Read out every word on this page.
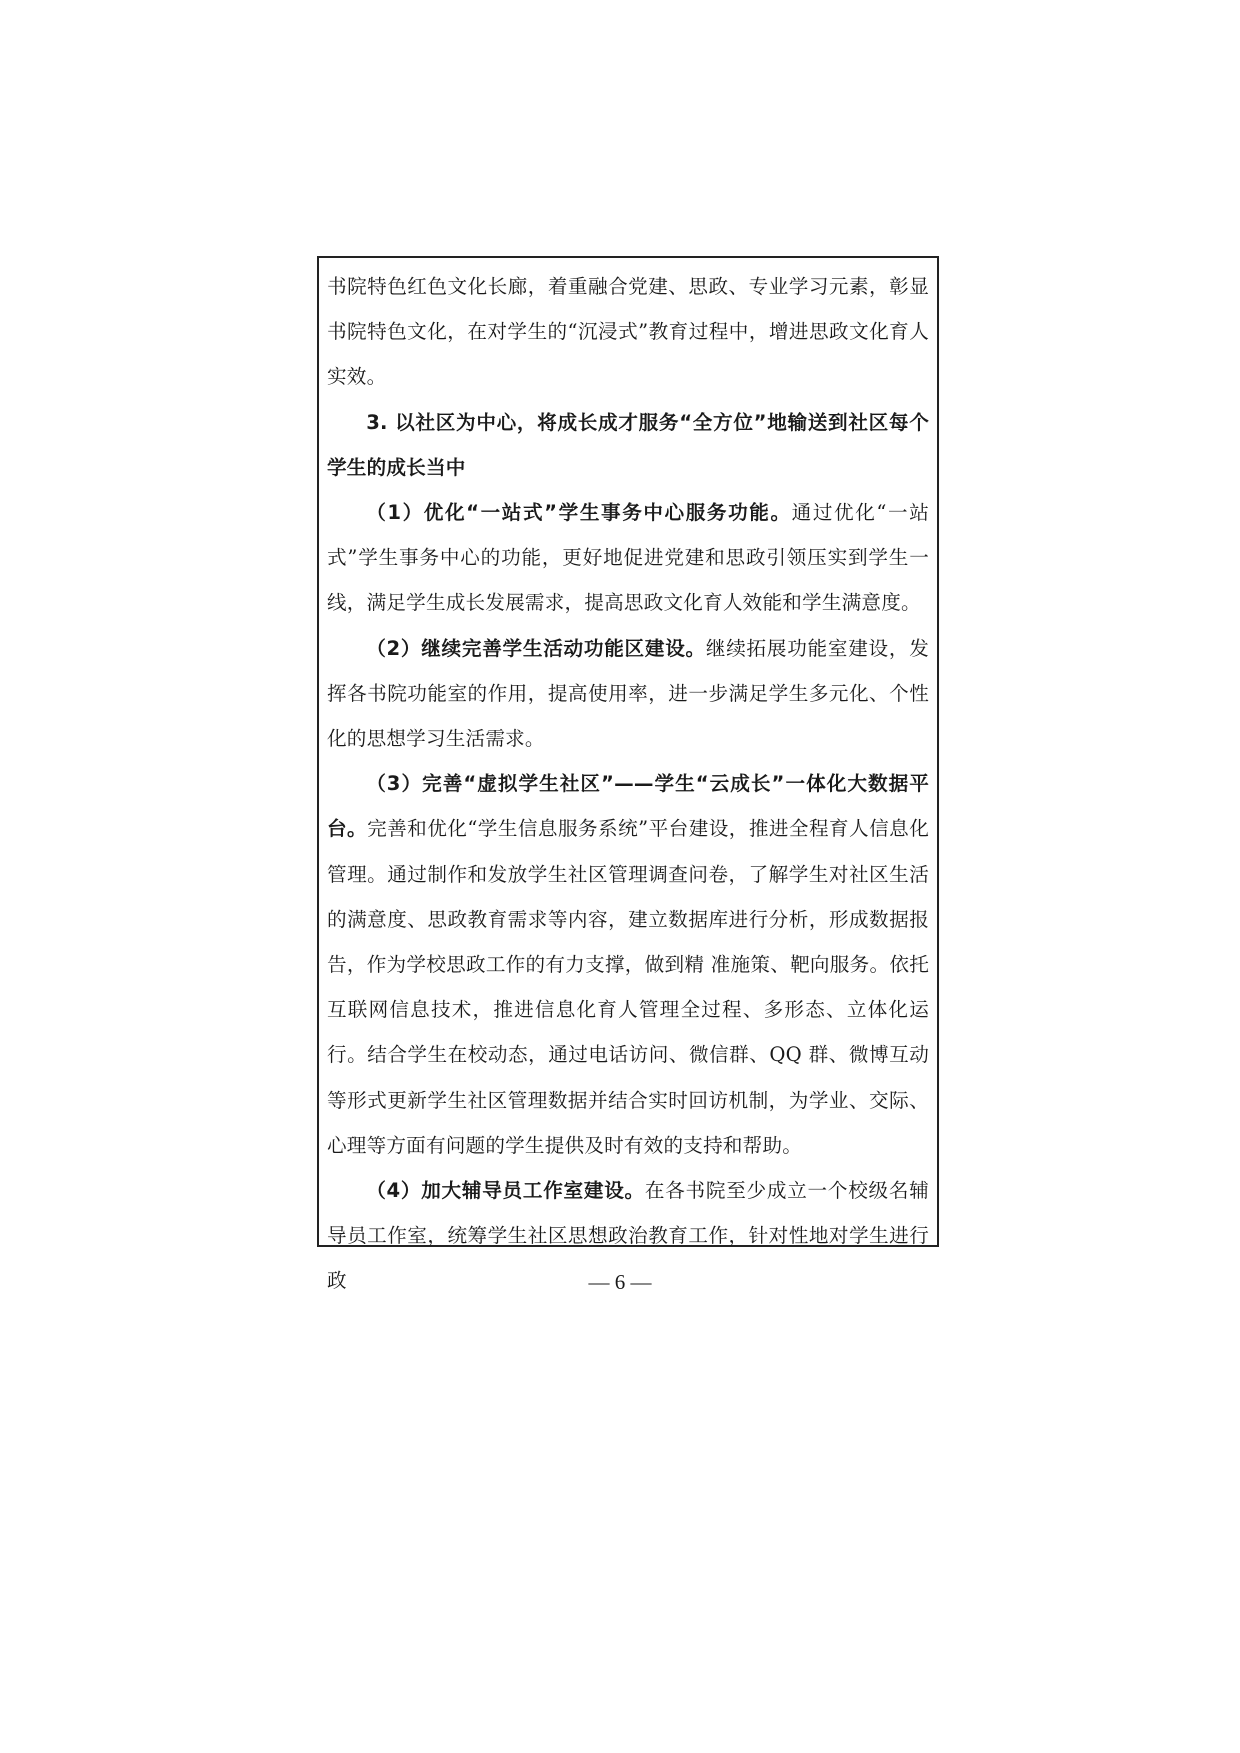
书院特色红色文化长廊，着重融合党建、思政、专业学习元素，彰显书院特色文化，在对学生的“沉浸式”教育过程中，增进思政文化育人实效。

3. 以社区为中心，将成长成才服务“全方位”地输送到社区每个学生的成长当中

（1）优化“一站式”学生事务中心服务功能。通过优化“一站式”学生事务中心的功能，更好地促进党建和思政引领压实到学生一线，满足学生成长发展需求，提高思政文化育人效能和学生满意度。

（2）继续完善学生活动功能区建设。继续拓展功能室建设，发挥各书院功能室的作用，提高使用率，进一步满足学生多元化、个性化的思想学习生活需求。

（3）完善“虚拟学生社区”——学生“云成长”一体化大数据平台。完善和优化“学生信息服务系统”平台建设，推进全程育人信息化管理。通过制作和发放学生社区管理调查问卷，了解学生对社区生活的满意度、思政教育需求等内容，建立数据库进行分析，形成数据报告，作为学校思政工作的有力支撑，做到精 准施策、靶向服务。依托互联网信息技术，推进信息化育人管理全过程、多形态、立体化运行。结合学生在校动态，通过电话访问、微信群、QQ 群、微博互动等形式更新学生社区管理数据并结合实时回访机制，为学业、交际、心理等方面有问题的学生提供及时有效的支持和帮助。

（4）加大辅导员工作室建设。在各书院至少成立一个校级名辅导员工作室，统筹学生社区思想政治教育工作，针对性地对学生进行政	— 6 —
